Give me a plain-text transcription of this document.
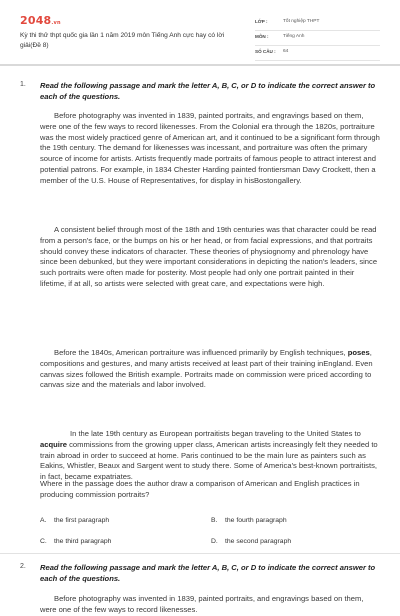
2048.vn
Kỳ thi thử thpt quốc gia lần 1 năm 2019 môn Tiếng Anh cực hay có lời giải(Đề 8)
LỚP :	Tốt nghiệp THPT
MÔN :	Tiếng Anh
SỐ CÂU : 64
1. Read the following passage and mark the letter A, B, C, or D to indicate the correct answer to each of the questions.
Before photography was invented in 1839, painted portraits, and engravings based on them, were one of the few ways to record likenesses. From the Colonial era through the 1820s, portraiture was the most widely practiced genre of American art, and it continued to be a significant form through the 19th century. The demand for likenesses was incessant, and portraiture was often the primary source of income for artists. Artists frequently made portraits of famous people to attract interest and potential patrons. For example, in 1834 Chester Harding painted frontiersman Davy Crockett, then a member of the U.S. House of Representatives, for display in hisBostongallery.
A consistent belief through most of the 18th and 19th centuries was that character could be read from a person's face, or the bumps on his or her head, or from facial expressions, and that portraits should convey these indicators of character. These theories of physiognomy and phrenology have since been debunked, but they were important considerations in depicting the nation's leaders, since such portraits were often made for posterity. Most people had only one portrait painted in their lifetime, if at all, so artists were selected with great care, and expectations were high.
Before the 1840s, American portraiture was influenced primarily by English techniques, poses, compositions and gestures, and many artists received at least part of their training inEngland. Even canvas sizes followed the British example. Portraits made on commission were priced according to canvas size and the materials and labor involved.
In the late 19th century as European portraitists began traveling to the United States to acquire commissions from the growing upper class, American artists increasingly felt they needed to train abroad in order to succeed at home. Paris continued to be the main lure as painters such as Eakins, Whistler, Beaux and Sargent went to study there. Some of America's best-known portraitists, in fact, became expatriates.
Where in the passage does the author draw a comparison of American and English practices in producing commission portraits?
A. the first paragraph	B. the fourth paragraph
C. the third paragraph	D. the second paragraph
2. Read the following passage and mark the letter A, B, C, or D to indicate the correct answer to each of the questions.
Before photography was invented in 1839, painted portraits, and engravings based on them, were one of the few ways to record likenesses.
